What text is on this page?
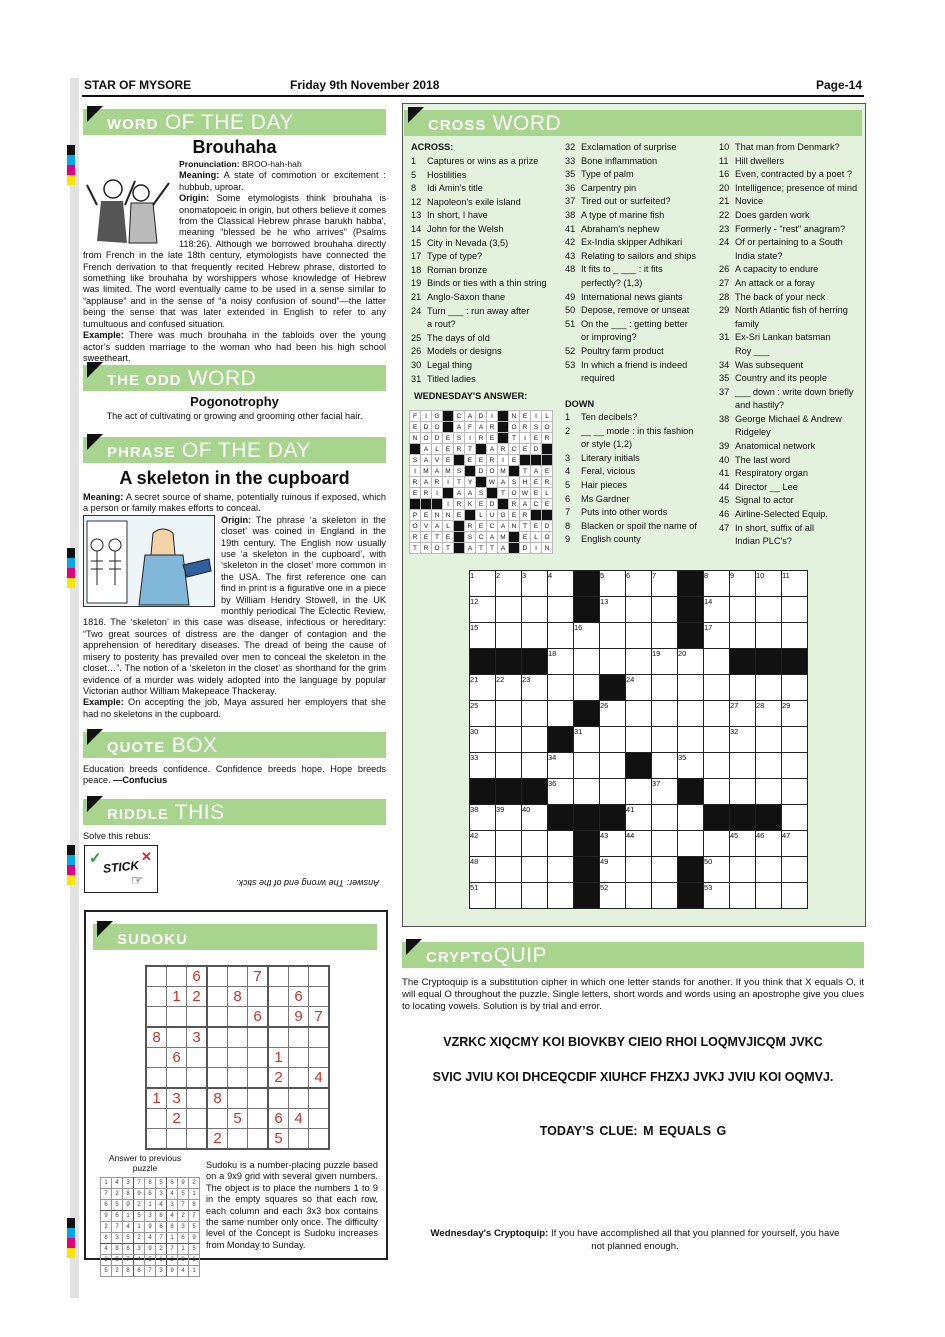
STAR OF MYSORE	Friday 9th November 2018	Page-14
WORD OF THE DAY
Brouhaha
Pronunciation: BROO-hah-hah
Meaning: A state of commotion or excitement : hubbub, uproar.
Origin: Some etymologists think brouhaha is onomatopoeic in origin, but others believe it comes from the Classical Hebrew phrase barukh habba', meaning “blessed be he who arrives” (Psalms 118:26). Although we borrowed brouhaha directly from French in the late 18th century, etymologists have connected the French derivation to that frequently recited Hebrew phrase, distorted to something like brouhaha by worshippers whose knowledge of Hebrew was limited. The word eventually came to be used in a sense similar to “applause” and in the sense of “a noisy confusion of sound”—the latter being the sense that was later extended in English to refer to any tumultuous and confused situation.
Example: There was much brouhaha in the tabloids over the young actor’s sudden marriage to the woman who had been his high school sweetheart.
THE ODD WORD
Pogonotrophy
The act of cultivating or growing and grooming other facial hair.
PHRASE OF THE DAY
A skeleton in the cupboard
Meaning: A secret source of shame, potentially ruinous if exposed, which a person or family makes efforts to conceal.
Origin: The phrase ‘a skeleton in the closet’ was coined in England in the 19th century. The English now usually use ‘a skeleton in the cupboard’, with ‘skeleton in the closet’ more common in the USA. The first reference one can find in print is a figurative one in a piece by William Hendry Stowell, in the UK monthly periodical The Eclectic Review, 1816. The ‘skeleton’ in this case was disease, infectious or hereditary: “Two great sources of distress are the danger of contagion and the apprehension of hereditary diseases. The dread of being the cause of misery to posterity has prevailed over men to conceal the skeleton in the closet…”. The notion of a ‘skeleton in the closet’ as shorthand for the grim evidence of a murder was widely adopted into the language by popular Victorian author William Makepeace Thackeray.
Example: On accepting the job, Maya assured her employers that she had no skeletons in the cupboard.
QUOTE BOX
Education breeds confidence. Confidence breeds hope. Hope breeds peace. —Confucius
RIDDLE THIS
Solve this rebus:
✓ STICK
✕
☞	Answer: The wrong end of the stick.
SUDOKU
		6			7			
	1	2		8			6	
					6		9	7
8		3						
	6					1		
						2		4
1	3		8					
	2			5		6	4	
			2			5		
Answer to previous puzzle
1	4	3	7	8	5	6	9	2
7	2	8	9	6	3	4	5	1
6	5	9	2	1	4	3	7	8
9	6	1	5	3	8	4	2	7
2	7	4	1	9	6	8	3	5
8	3	5	2	4	7	1	6	9
4	8	6	3	9	2	7	1	5
3	9	7	4	5	1	2	8	6
5	2	8	6	7	3	9	4	1
Sudoku is a number-placing puzzle based on a 9x9 grid with several given numbers. The object is to place the numbers 1 to 9 in the empty squares so that each row, each column and each 3x3 box contains the same number only once. The difficulty level of the Concept is Sudoku increases from Monday to Sunday.
CROSS WORD
ACROSS:
1 Captures or wins as a prize
5 Hostilities
8 Idi Amin's title
12 Napoleon's exile island
13 In short, I have
14 John for the Welsh
15 City in Nevada (3,5)
17 Type of type?
18 Roman bronze
19 Binds or ties with a thin string
21 Anglo-Saxon thane
24 Turn ___ : run away after
a rout?
25 The days of old
26 Models or designs
30 Legal thing
31 Titled ladies
32 Exclamation of surprise
33 Bone inflammation
35 Type of palm
36 Carpentry pin
37 Tired out or surfeited?
38 A type of marine fish
41 Abraham's nephew
42 Ex-India skipper Adhikari
43 Relating to sailors and ships
48 It fits to _ ___ : it fits
perfectly? (1,3)
49 International news giants
50 Depose, remove or unseat
51 On the ___ : getting better
or improving?
52 Poultry farm product
53 In which a friend is indeed
required
DOWN
1 Ten decibels?
2 __ __ mode : in this fashion
or style (1,2)
3 Literary initials
4 Feral, vicious
5 Hair pieces
6 Ms Gardner
7 Puts into other words
8 Blacken or spoil the name of
9 English county
10 That man from Denmark?
11 Hill dwellers
16 Even, contracted by a poet ?
20 Intelligence; presence of mind
21 Novice
22 Does garden work
23 Formerly - "rest" anagram?
24 Of or pertaining to a South
India state?
26 A capacity to endure
27 An attack or a foray
28 The back of your neck
29 North Atlantic fish of herring
family
31 Ex-Sri Lankan batsman
Roy ___
34 Was subsequent
35 Country and its people
37 ___ down : write down briefly
and hastily?
38 George Michael & Andrew
Ridgeley
39 Anatomical network
40 The last word
41 Respiratory organ
44 Director __ Lee
45 Signal to actor
46 Airline-Selected Equip.
47 In short, suffix of all
Indian PLC's?
WEDNESDAY'S ANSWER:
F	I	G		C	A	D	I		N	E	I	L
E	D	O		A	F	A	R		O	R	S	O
N	O	D	E	S	I	R	E		T	I	E	R
	A	L	E	R	T		A	R	C	E	D	
S	A	V	E		E	E	R	I	E			
I	M	A	M	S		D	O	M		T	A	E
R	A	R	I	T	Y		W	A	S	H	E	R
E	R	I		A	A	S		T	O	W	E	L
			I	R	K	E	D		R	A	C	E
P	E	N	N	E		L	U	G	E	R		
O	V	A	L		R	E	C	A	N	T	E	D
R	E	T	E		S	C	A	M		E	L	O
T	R	O	T		A	T	T	A		D	I	N
1	2	3	4		5	6	7		8	9	10	11
12					13				14			
15				16					17			
			18				19	20				
21	22	23				24						
25					26					27	28	29
30				31						32		
33			34					35				
			36				37					
38	39	40				41						
42					43	44				45	46	47
48					49				50			
51					52				53			
CRYPTOQUIP
The Cryptoquip is a substitution cipher in which one letter stands for another. If you think that X equals O, it will equal O throughout the puzzle. Single letters, short words and words using an apostrophe give you clues to locating vowels. Solution is by trial and error.
VZRKC XIQCMY KOI BIOVKBY CIEIO RHOI LOQMVJICQM JVKC
SVIC JVIU KOI DHCEQCDIF XIUHCF FHZXJ JVKJ JVIU KOI OQMVJ.
TODAY’S CLUE: M EQUALS G
Wednesday's Cryptoquip: If you have accomplished all that you planned for yourself, you have not planned enough.
